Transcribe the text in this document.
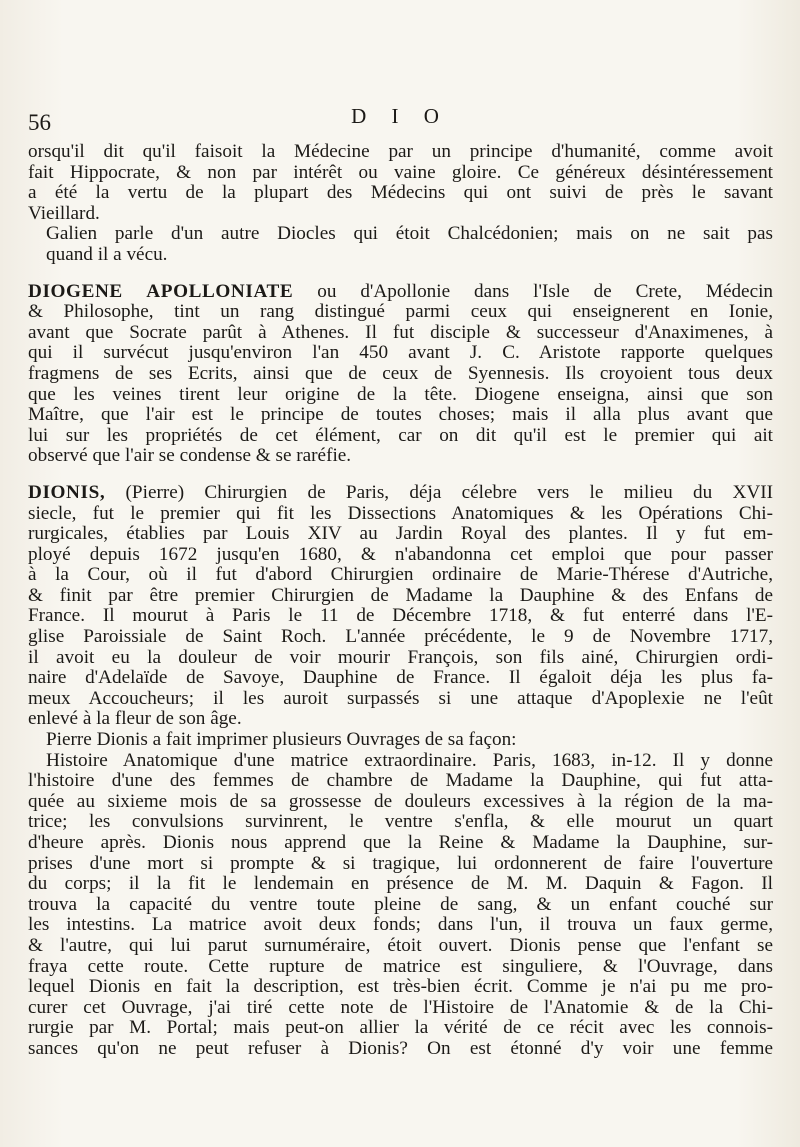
56	D I O
orsqu'il dit qu'il faisoit la Médecine par un principe d'humanité, comme avoit
fait Hippocrate, & non par intérêt ou vaine gloire. Ce généreux désintéressement
a été la vertu de la plupart des Médecins qui ont suivi de près le savant
Vieillard.
Galien parle d'un autre Diocles qui étoit Chalcédonien; mais on ne sait pas
quand il a vécu.
DIOGENE APOLLONIATE ou d'Apollonie dans l'Isle de Crete, Médecin
& Philosophe, tint un rang distingué parmi ceux qui enseignerent en Ionie,
avant que Socrate parût à Athenes. Il fut disciple & successeur d'Anaximenes, à
qui il survécut jusqu'environ l'an 450 avant J. C. Aristote rapporte quelques
fragmens de ses Ecrits, ainsi que de ceux de Syennesis. Ils croyoient tous deux
que les veines tirent leur origine de la tête. Diogene enseigna, ainsi que son
Maître, que l'air est le principe de toutes choses; mais il alla plus avant que
lui sur les propriétés de cet élément, car on dit qu'il est le premier qui ait
observé que l'air se condense & se raréfie.
DIONIS, (Pierre) Chirurgien de Paris, déja célebre vers le milieu du XVII
siecle, fut le premier qui fit les Dissections Anatomiques & les Opérations Chi-
rurgicales, établies par Louis XIV au Jardin Royal des plantes. Il y fut em-
ployé depuis 1672 jusqu'en 1680, & n'abandonna cet emploi que pour passer
à la Cour, où il fut d'abord Chirurgien ordinaire de Marie-Thérese d'Autriche,
& finit par être premier Chirurgien de Madame la Dauphine & des Enfans de
France. Il mourut à Paris le 11 de Décembre 1718, & fut enterré dans l'E-
glise Paroissiale de Saint Roch. L'année précédente, le 9 de Novembre 1717,
il avoit eu la douleur de voir mourir François, son fils ainé, Chirurgien ordi-
naire d'Adelaïde de Savoye, Dauphine de France. Il égaloit déja les plus fa-
meux Accoucheurs; il les auroit surpassés si une attaque d'Apoplexie ne l'eût
enlevé à la fleur de son âge.
Pierre Dionis a fait imprimer plusieurs Ouvrages de sa façon:
Histoire Anatomique d'une matrice extraordinaire. Paris, 1683, in-12. Il y donne
l'histoire d'une des femmes de chambre de Madame la Dauphine, qui fut atta-
quée au sixieme mois de sa grossesse de douleurs excessives à la région de la ma-
trice; les convulsions survinrent, le ventre s'enfla, & elle mourut un quart
d'heure après. Dionis nous apprend que la Reine & Madame la Dauphine, sur-
prises d'une mort si prompte & si tragique, lui ordonnerent de faire l'ouverture
du corps; il la fit le lendemain en présence de M. M. Daquin & Fagon. Il
trouva la capacité du ventre toute pleine de sang, & un enfant couché sur
les intestins. La matrice avoit deux fonds; dans l'un, il trouva un faux germe,
& l'autre, qui lui parut surnuméraire, étoit ouvert. Dionis pense que l'enfant se
fraya cette route. Cette rupture de matrice est singuliere, & l'Ouvrage, dans
lequel Dionis en fait la description, est très-bien écrit. Comme je n'ai pu me pro-
curer cet Ouvrage, j'ai tiré cette note de l'Histoire de l'Anatomie & de la Chi-
rurgie par M. Portal; mais peut-on allier la vérité de ce récit avec les connois-
sances qu'on ne peut refuser à Dionis? On est étonné d'y voir une femme
